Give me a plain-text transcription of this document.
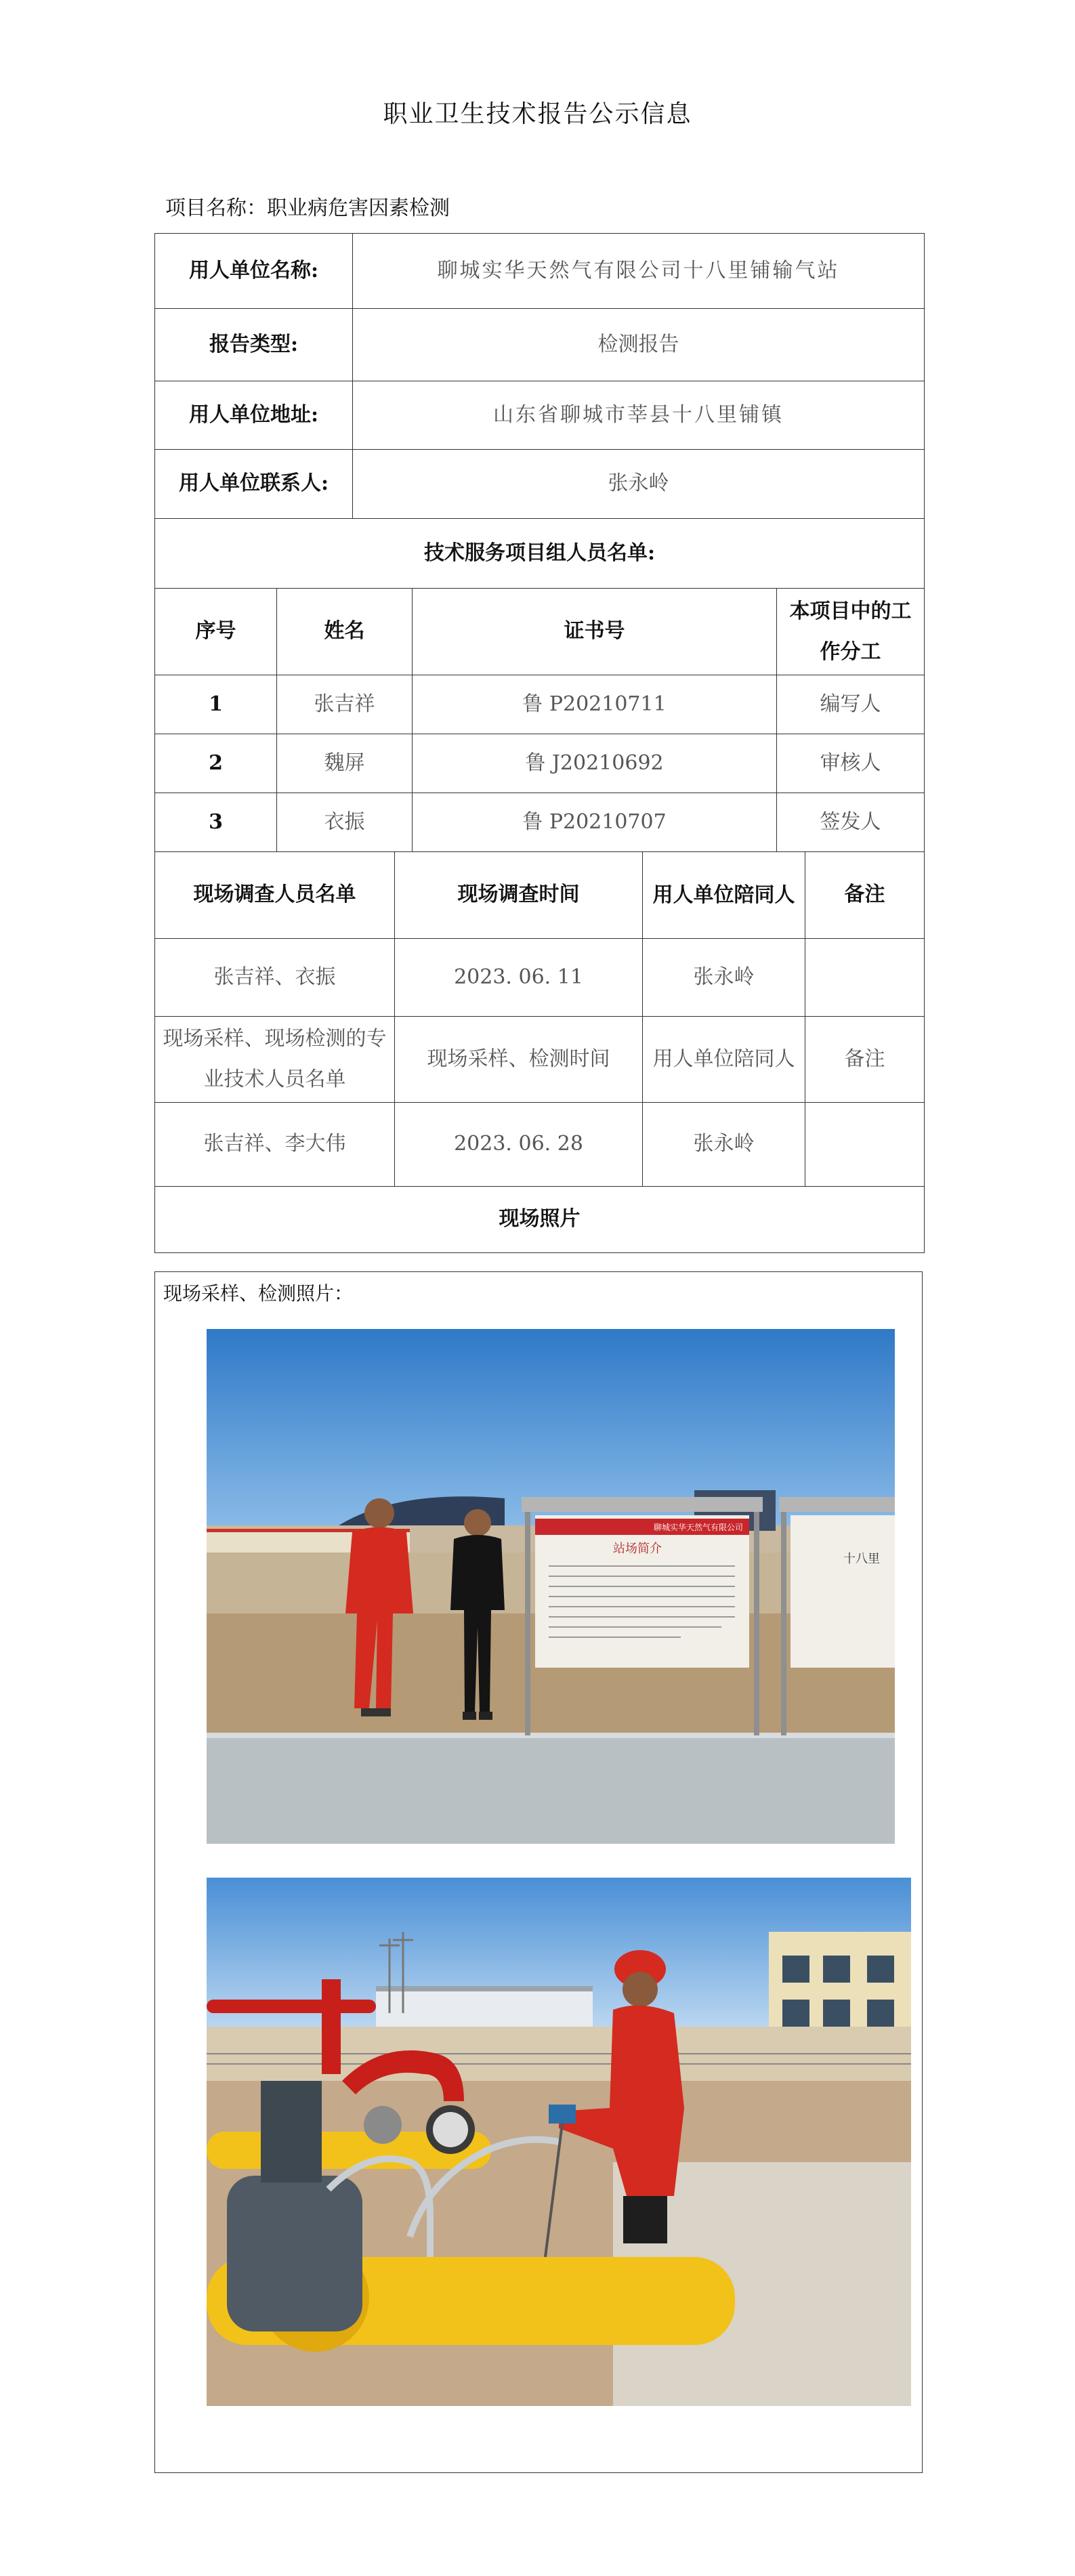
职业卫生技术报告公示信息
项目名称：职业病危害因素检测
用人单位名称:	聊城实华天然气有限公司十八里铺输气站
报告类型:	检测报告
用人单位地址:	山东省聊城市莘县十八里铺镇
用人单位联系人:	张永岭
技术服务项目组人员名单:	
序号	姓名	证书号	本项目中的工作分工
1	张吉祥	鲁 P20210711	编写人
2	魏屏	鲁 J20210692	审核人
3	衣振	鲁 P20210707	签发人
现场调查人员名单	现场调查时间	用人单位陪同人	备注
张吉祥、衣振	2023. 06. 11	张永岭	
现场采样、现场检测的专业技术人员名单	现场采样、检测时间	用人单位陪同人	备注
张吉祥、李大伟	2023. 06. 28	张永岭	
现场照片			
现场采样、检测照片：
聊城实华天然气有限公司
站场简介
十八里
